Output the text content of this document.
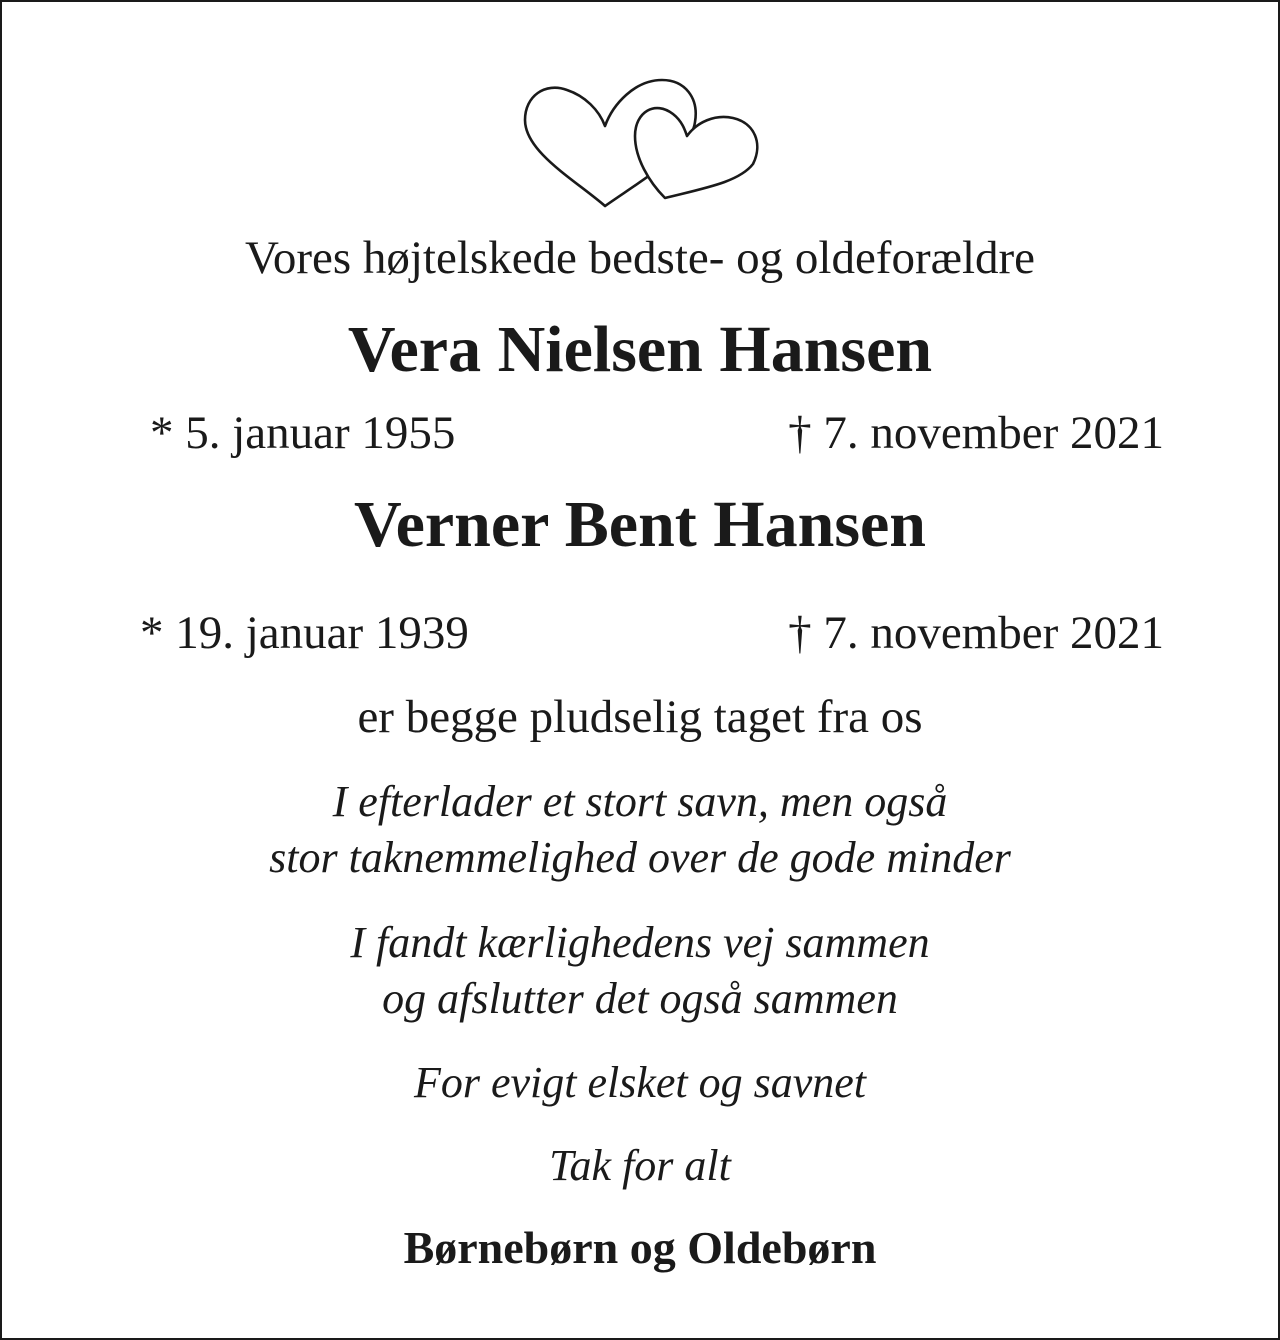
Vores højtelskede bedste- og oldeforældre
Vera Nielsen Hansen
* 5. januar 1955	† 7. november 2021
Verner Bent Hansen
* 19. januar 1939	† 7. november 2021
er begge pludselig taget fra os
I efterlader et stort savn, men også
stor taknemmelighed over de gode minder
I fandt kærlighedens vej sammen
og afslutter det også sammen
For evigt elsket og savnet
Tak for alt
Børnebørn og Oldebørn
